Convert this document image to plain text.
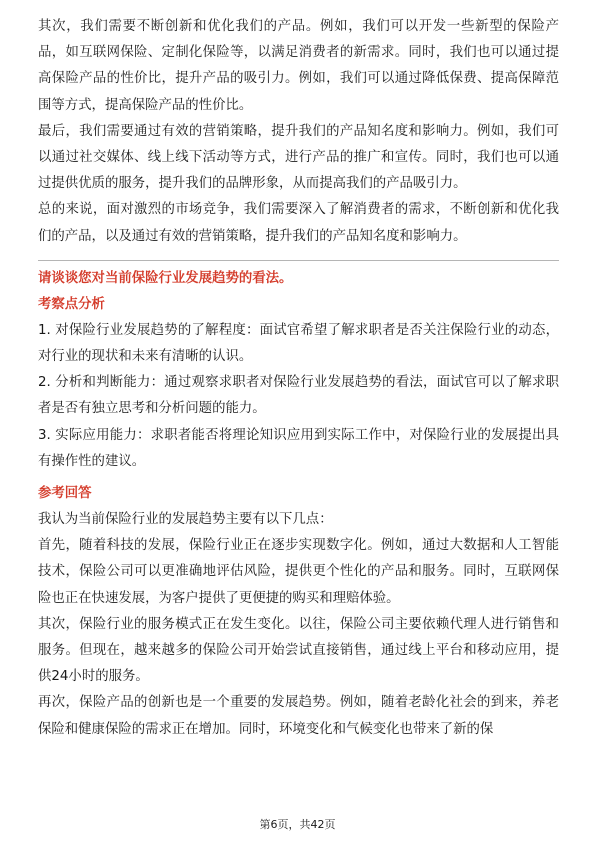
其次，我们需要不断创新和优化我们的产品。例如，我们可以开发一些新型的保险产品，如互联网保险、定制化保险等，以满足消费者的新需求。同时，我们也可以通过提高保险产品的性价比，提升产品的吸引力。例如，我们可以通过降低保费、提高保障范围等方式，提高保险产品的性价比。

最后，我们需要通过有效的营销策略，提升我们的产品知名度和影响力。例如，我们可以通过社交媒体、线上线下活动等方式，进行产品的推广和宣传。同时，我们也可以通过提供优质的服务，提升我们的品牌形象，从而提高我们的产品吸引力。

总的来说，面对激烈的市场竞争，我们需要深入了解消费者的需求，不断创新和优化我们的产品，以及通过有效的营销策略，提升我们的产品知名度和影响力。

请谈谈您对当前保险行业发展趋势的看法。

考察点分析

1. 对保险行业发展趋势的了解程度：面试官希望了解求职者是否关注保险行业的动态，对行业的现状和未来有清晰的认识。

2. 分析和判断能力：通过观察求职者对保险行业发展趋势的看法，面试官可以了解求职者是否有独立思考和分析问题的能力。

3. 实际应用能力：求职者能否将理论知识应用到实际工作中，对保险行业的发展提出具有操作性的建议。

参考回答

我认为当前保险行业的发展趋势主要有以下几点：

首先，随着科技的发展，保险行业正在逐步实现数字化。例如，通过大数据和人工智能技术，保险公司可以更准确地评估风险，提供更个性化的产品和服务。同时，互联网保险也正在快速发展，为客户提供了更便捷的购买和理赔体验。

其次，保险行业的服务模式正在发生变化。以往，保险公司主要依赖代理人进行销售和服务。但现在，越来越多的保险公司开始尝试直接销售，通过线上平台和移动应用，提供24小时的服务。

再次，保险产品的创新也是一个重要的发展趋势。例如，随着老龄化社会的到来，养老保险和健康保险的需求正在增加。同时，环境变化和气候变化也带来了新的保

第6页，共42页
